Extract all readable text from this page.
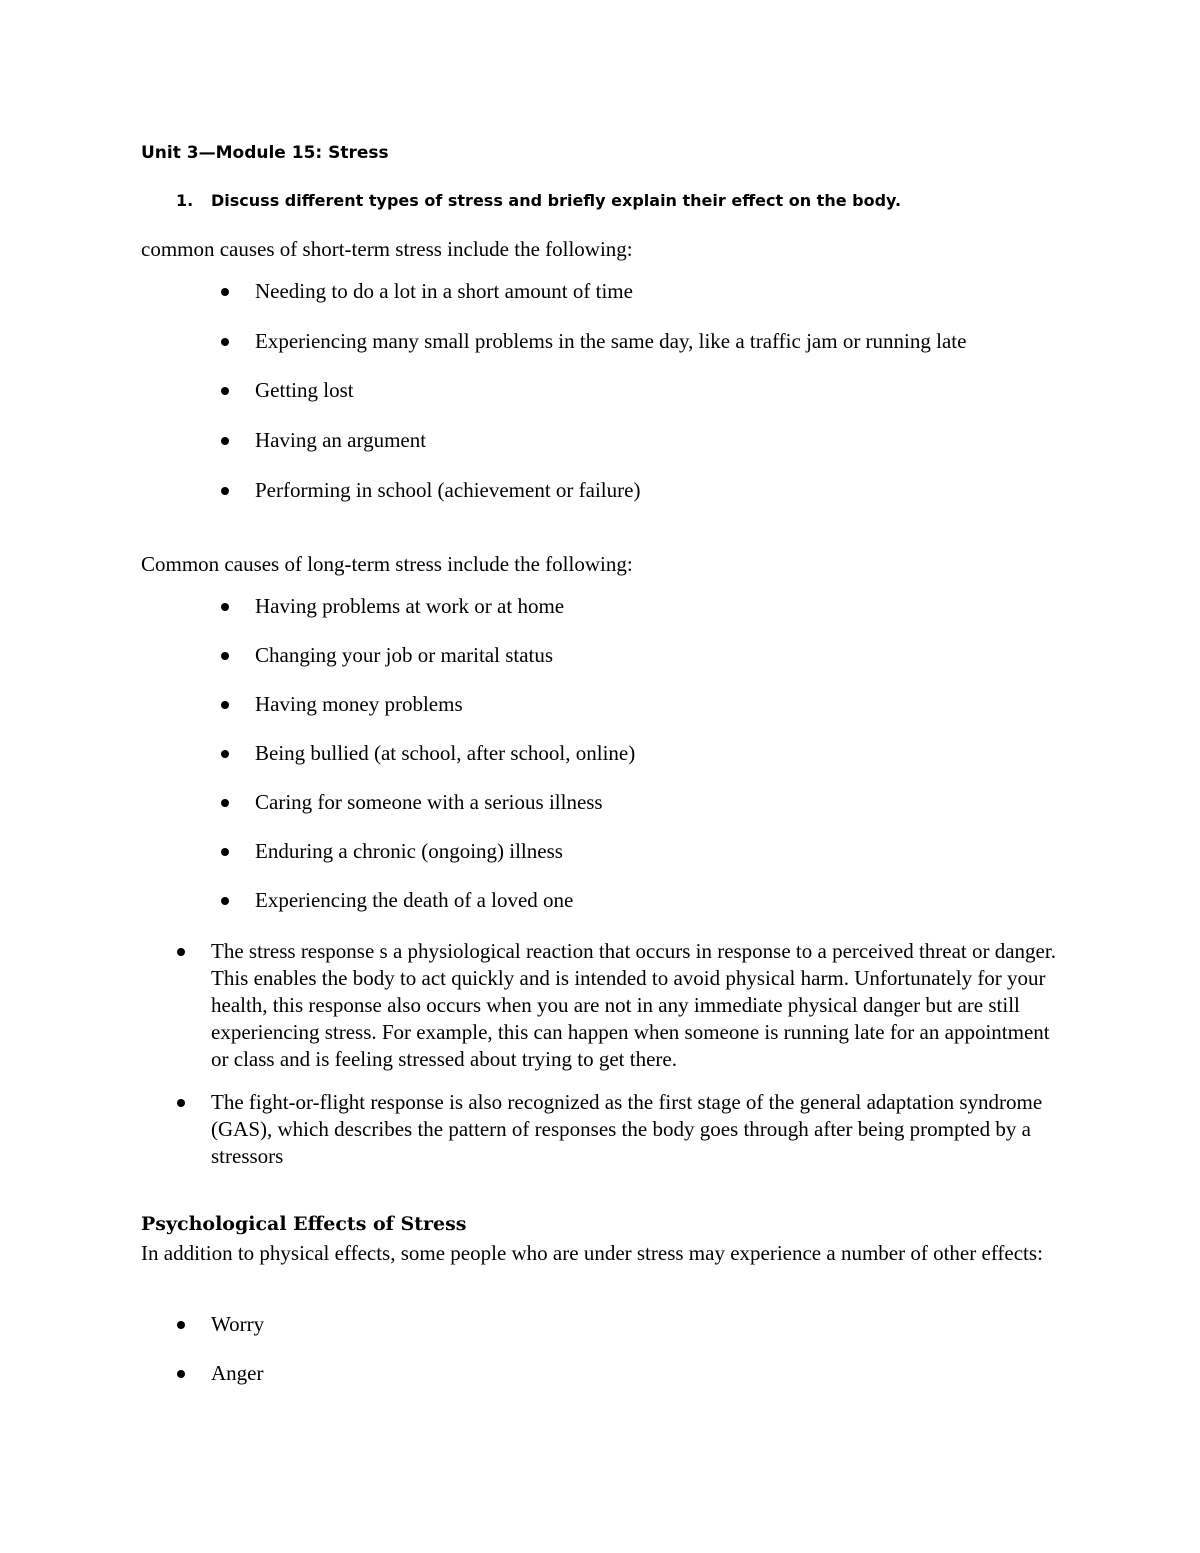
Unit 3—Module 15: Stress
1. Discuss different types of stress and briefly explain their effect on the body.
common causes of short-term stress include the following:
Needing to do a lot in a short amount of time
Experiencing many small problems in the same day, like a traffic jam or running late
Getting lost
Having an argument
Performing in school (achievement or failure)
Common causes of long-term stress include the following:
Having problems at work or at home
Changing your job or marital status
Having money problems
Being bullied (at school, after school, online)
Caring for someone with a serious illness
Enduring a chronic (ongoing) illness
Experiencing the death of a loved one
The stress response s a physiological reaction that occurs in response to a perceived threat or danger. This enables the body to act quickly and is intended to avoid physical harm. Unfortunately for your health, this response also occurs when you are not in any immediate physical danger but are still experiencing stress. For example, this can happen when someone is running late for an appointment or class and is feeling stressed about trying to get there.
The fight-or-flight response is also recognized as the first stage of the general adaptation syndrome (GAS), which describes the pattern of responses the body goes through after being prompted by a stressors
Psychological Effects of Stress
In addition to physical effects, some people who are under stress may experience a number of other effects:
Worry
Anger
